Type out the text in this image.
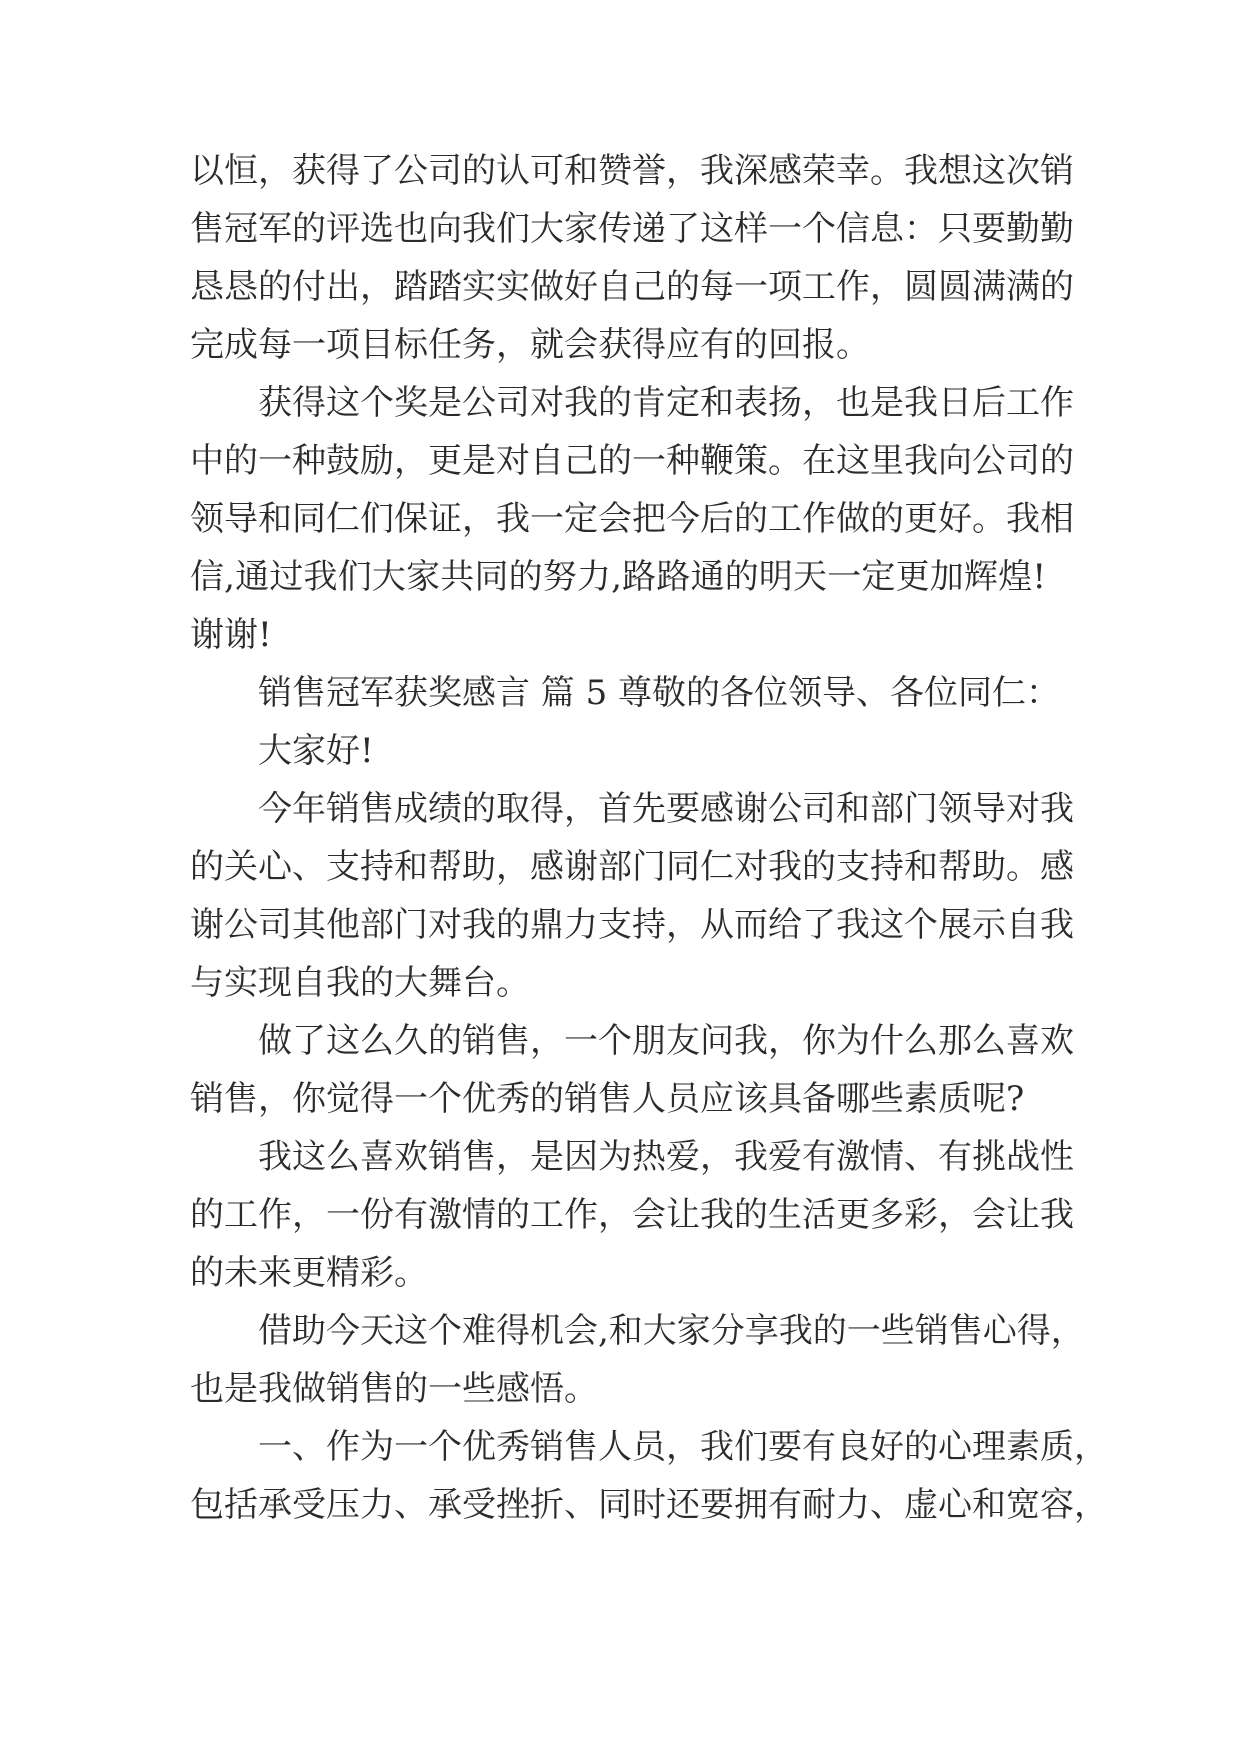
以恒，获得了公司的认可和赞誉，我深感荣幸。我想这次销
售冠军的评选也向我们大家传递了这样一个信息：只要勤勤
恳恳的付出，踏踏实实做好自己的每一项工作，圆圆满满的
完成每一项目标任务，就会获得应有的回报。
获得这个奖是公司对我的肯定和表扬，也是我日后工作
中的一种鼓励，更是对自己的一种鞭策。在这里我向公司的
领导和同仁们保证，我一定会把今后的工作做的更好。我相
信,通过我们大家共同的努力,路路通的明天一定更加辉煌!
谢谢!
销售冠军获奖感言 篇 5 尊敬的各位领导、各位同仁：
大家好!
今年销售成绩的取得，首先要感谢公司和部门领导对我
的关心、支持和帮助，感谢部门同仁对我的支持和帮助。感
谢公司其他部门对我的鼎力支持，从而给了我这个展示自我
与实现自我的大舞台。
做了这么久的销售，一个朋友问我，你为什么那么喜欢
销售，你觉得一个优秀的销售人员应该具备哪些素质呢?
我这么喜欢销售，是因为热爱，我爱有激情、有挑战性
的工作，一份有激情的工作，会让我的生活更多彩，会让我
的未来更精彩。
借助今天这个难得机会,和大家分享我的一些销售心得，
也是我做销售的一些感悟。
一、作为一个优秀销售人员，我们要有良好的心理素质，
包括承受压力、承受挫折、同时还要拥有耐力、虚心和宽容，
